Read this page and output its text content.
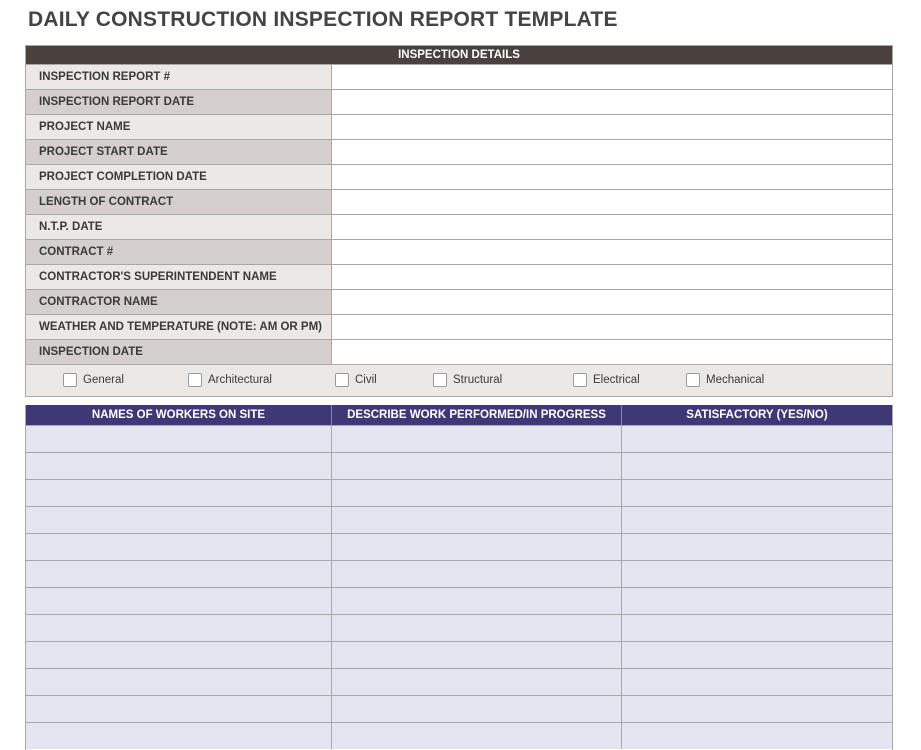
DAILY CONSTRUCTION INSPECTION REPORT TEMPLATE
INSPECTION DETAILS
INSPECTION REPORT #
INSPECTION REPORT DATE
PROJECT NAME
PROJECT START DATE
PROJECT COMPLETION DATE
LENGTH OF CONTRACT
N.T.P. DATE
CONTRACT #
CONTRACTOR'S SUPERINTENDENT NAME
CONTRACTOR NAME
WEATHER AND TEMPERATURE (NOTE: AM OR PM)
INSPECTION DATE
General	Architectural	Civil	Structural	Electrical	Mechanical
NAMES OF WORKERS ON SITE	DESCRIBE WORK PERFORMED/IN PROGRESS	SATISFACTORY (YES/NO)
